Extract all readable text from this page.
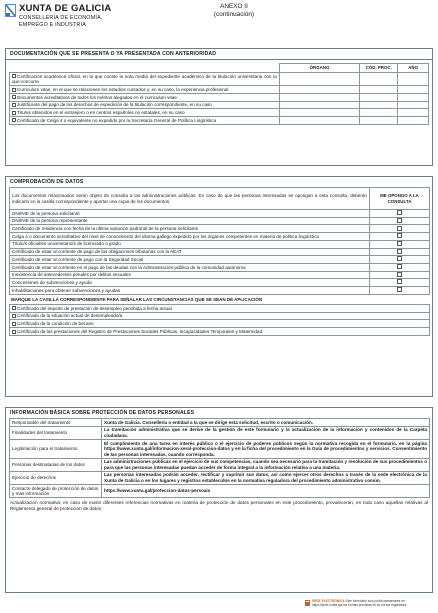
XUNTA DE GALICIA
CONSELLERÍA DE ECONOMÍA,
EMPREGO E INDUSTRIA
ANEXO II
(continuación)
DOCUMENTACIÓN QUE SE PRESENTA O YA PRESENTADA CON ANTERIORIDAD
	ÓRGANO	CÓD. PROC.	AÑO
Certificación académica oficial, en la que conste la nota media del expediente académico de la titulación universitaria con la que concurre			
Curriculum vitae, en el que se relacionen los estudios cursados y, en su caso, la experiencia profesional			
Documentos acreditativos de todos los méritos alegados en el curriculum vitae			
Justificante del pago de los derechos de expedición de la titulación correspondiente, en su caso			
Títulos obtenidos en el extranjero o en centros españoles no estatales, en su caso			
Certificado de Celga 4 o equivalente no expedido por la Secretaría General de Política Lingüística			
COMPROBACIÓN DE DATOS
Los documentos relacionados serán objeto de consulta a las administraciones públicas. En caso de que las personas interesadas se opongan a esta consulta, deberán indicarlo en la casilla correspondiente y aportar una copia de los documentos.	ME OPONGO A LA CONSULTA
DNI/NIE de la persona solicitante	
DNI/NIE de la persona representante	
Certificado de residencia con fecha de la última variación padronal de la persona solicitante	
Celga 4 o documento acreditativo del nivel de conocimiento del idioma gallego expedido por los órganos competentes en materia de política lingüística	
Título/s oficial/es universitario/s de licenciado o grado	
Certificado de estar al corriente de pago de las obligaciones tributarias con la AEAT	
Certificado de estar al corriente de pago con la Seguridad Social	
Certificado de estar al corriente en el pago de las deudas con la Administración pública de la comunidad autónoma	
Inexistencia de antecedentes penales por delitos sexuales	
Concesiones de subvenciones y ayuda	
Inhabilitaciones para obtener subvenciones y ayudas	
MARQUE LA CASILLA CORRESPONDIENTE PARA SEÑALAR LAS CIRCUNSTANCIAS QUE SE SEAN DE APLICACIÓN
Certificado del importe de prestación de desempleo percibida a fecha actual
Certificado de la situación actual de desempleado/a
Certificado de la condición de becario
Certificado de las prestaciones del Registro de Prestaciones Sociales Públicas, Incapacidades Temporales y Maternidad
INFORMACIÓN BÁSICA SOBRE PROTECCIÓN DE DATOS PERSONALES
Responsable del tratamiento	Xunta de Galicia. Consellería o entidad a la que se dirige esta solicitud, escrito o comunicación.
Finalidades del tratamiento	La tramitación administrativa que se derive de la gestión de este formulario y la actualización de la información y contenidos de la Carpeta ciudadana.
Legitimación para el tratamiento	El cumplimiento de una tarea en interés público o el ejercicio de poderes públicos según la normativa recogida en el formulario, en la página https://www.xunta.gal/informacion-xeral-proteccion-datos y en la ficha del procedimiento en la Guía de procedimientos y servicios. Consentimiento de las personas interesadas, cuando corresponda.
Personas destinatarias de los datos	Las administraciones públicas en el ejercicio de sus competencias, cuando sea necesario para la tramitación y resolución de sus procedimientos o para que las personas interesadas puedan acceder de forma integral a la información relativa a una materia.
Ejercicio de derechos	Las personas interesadas podrán acceder, rectificar y suprimir sus datos, así como ejercer otros derechos a través de la sede electrónica de la Xunta de Galicia o en los lugares y registros establecidos en la normativa reguladora del procedimiento administrativo común.
Contacto delegado de protección de datos y más información	https://www.xunta.gal/proteccion-datos-persoais
Actualización normativa: en caso de existir diferentes referencias normativas en materia de protección de datos personales en este procedimiento, prevalecerán, en todo caso aquellas relativas al Reglamento general de protección de datos.
SEDE ELECTRÓNICA Este formulario solo podrá presentarse en
https://sede.xunta.gal los formas previstas en su norma reguladora
